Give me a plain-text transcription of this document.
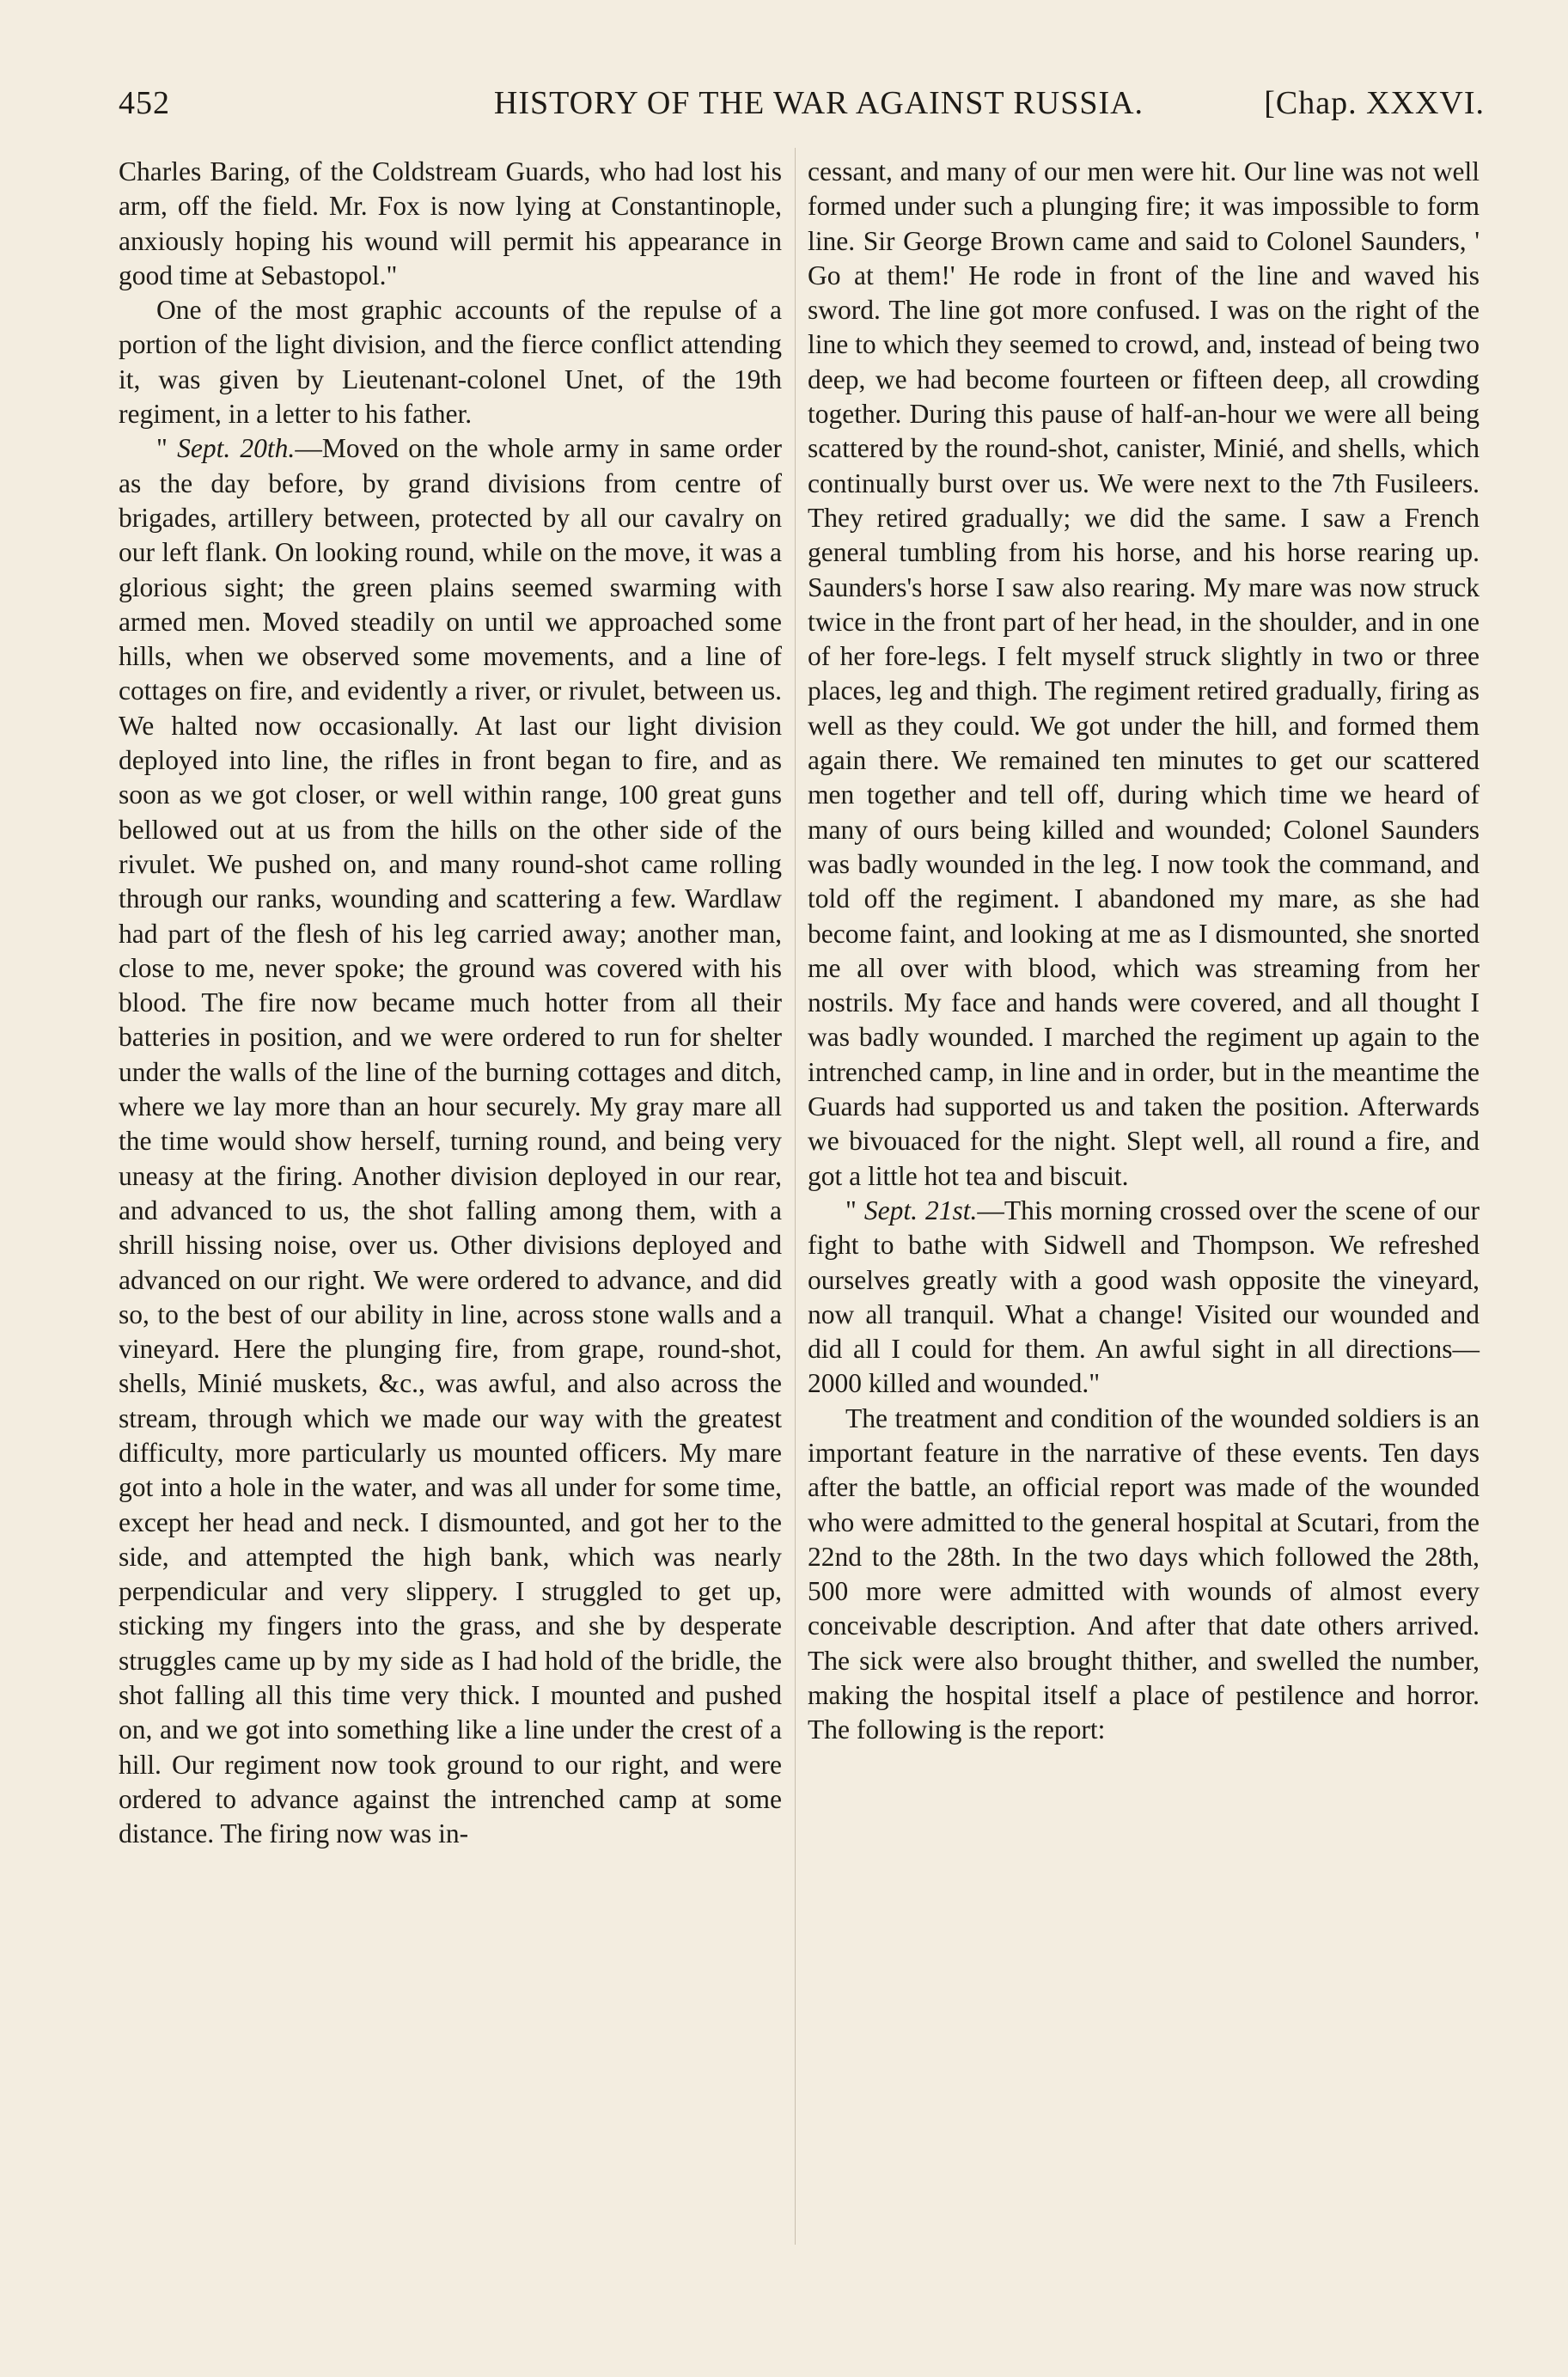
452	HISTORY OF THE WAR AGAINST RUSSIA.	[Chap. XXXVI.

Charles Baring, of the Coldstream Guards, who had lost his arm, off the field. Mr. Fox is now lying at Constantinople, anxiously hoping his wound will permit his appearance in good time at Sebastopol."

One of the most graphic accounts of the repulse of a portion of the light division, and the fierce conflict attending it, was given by Lieutenant-colonel Unet, of the 19th regiment, in a letter to his father.

" Sept. 20th.—Moved on the whole army in same order as the day before, by grand divisions from centre of brigades, artillery between, protected by all our cavalry on our left flank. On looking round, while on the move, it was a glorious sight; the green plains seemed swarming with armed men. Moved steadily on until we approached some hills, when we observed some movements, and a line of cottages on fire, and evidently a river, or rivulet, between us. We halted now occasionally. At last our light division deployed into line, the rifles in front began to fire, and as soon as we got closer, or well within range, 100 great guns bellowed out at us from the hills on the other side of the rivulet. We pushed on, and many round-shot came rolling through our ranks, wounding and scattering a few. Wardlaw had part of the flesh of his leg carried away; another man, close to me, never spoke; the ground was covered with his blood. The fire now became much hotter from all their batteries in position, and we were ordered to run for shelter under the walls of the line of the burning cottages and ditch, where we lay more than an hour securely. My gray mare all the time would show herself, turning round, and being very uneasy at the firing. Another division deployed in our rear, and advanced to us, the shot falling among them, with a shrill hissing noise, over us. Other divisions deployed and advanced on our right. We were ordered to advance, and did so, to the best of our ability in line, across stone walls and a vineyard. Here the plunging fire, from grape, round-shot, shells, Minié muskets, &c., was awful, and also across the stream, through which we made our way with the greatest difficulty, more particularly us mounted officers. My mare got into a hole in the water, and was all under for some time, except her head and neck. I dismounted, and got her to the side, and attempted the high bank, which was nearly perpendicular and very slippery. I struggled to get up, sticking my fingers into the grass, and she by desperate struggles came up by my side as I had hold of the bridle, the shot falling all this time very thick. I mounted and pushed on, and we got into something like a line under the crest of a hill. Our regiment now took ground to our right, and were ordered to advance against the intrenched camp at some distance. The firing now was in-

cessant, and many of our men were hit. Our line was not well formed under such a plunging fire; it was impossible to form line. Sir George Brown came and said to Colonel Saunders, ' Go at them!' He rode in front of the line and waved his sword. The line got more confused. I was on the right of the line to which they seemed to crowd, and, instead of being two deep, we had become fourteen or fifteen deep, all crowding together. During this pause of half-an-hour we were all being scattered by the round-shot, canister, Minié, and shells, which continually burst over us. We were next to the 7th Fusileers. They retired gradually; we did the same. I saw a French general tumbling from his horse, and his horse rearing up. Saunders's horse I saw also rearing. My mare was now struck twice in the front part of her head, in the shoulder, and in one of her fore-legs. I felt myself struck slightly in two or three places, leg and thigh. The regiment retired gradually, firing as well as they could. We got under the hill, and formed them again there. We remained ten minutes to get our scattered men together and tell off, during which time we heard of many of ours being killed and wounded; Colonel Saunders was badly wounded in the leg. I now took the command, and told off the regiment. I abandoned my mare, as she had become faint, and looking at me as I dismounted, she snorted me all over with blood, which was streaming from her nostrils. My face and hands were covered, and all thought I was badly wounded. I marched the regiment up again to the intrenched camp, in line and in order, but in the meantime the Guards had supported us and taken the position. Afterwards we bivouaced for the night. Slept well, all round a fire, and got a little hot tea and biscuit.

" Sept. 21st.—This morning crossed over the scene of our fight to bathe with Sidwell and Thompson. We refreshed ourselves greatly with a good wash opposite the vineyard, now all tranquil. What a change! Visited our wounded and did all I could for them. An awful sight in all directions—2000 killed and wounded."

The treatment and condition of the wounded soldiers is an important feature in the narrative of these events. Ten days after the battle, an official report was made of the wounded who were admitted to the general hospital at Scutari, from the 22nd to the 28th. In the two days which followed the 28th, 500 more were admitted with wounds of almost every conceivable description. And after that date others arrived. The sick were also brought thither, and swelled the number, making the hospital itself a place of pestilence and horror. The following is the report:
